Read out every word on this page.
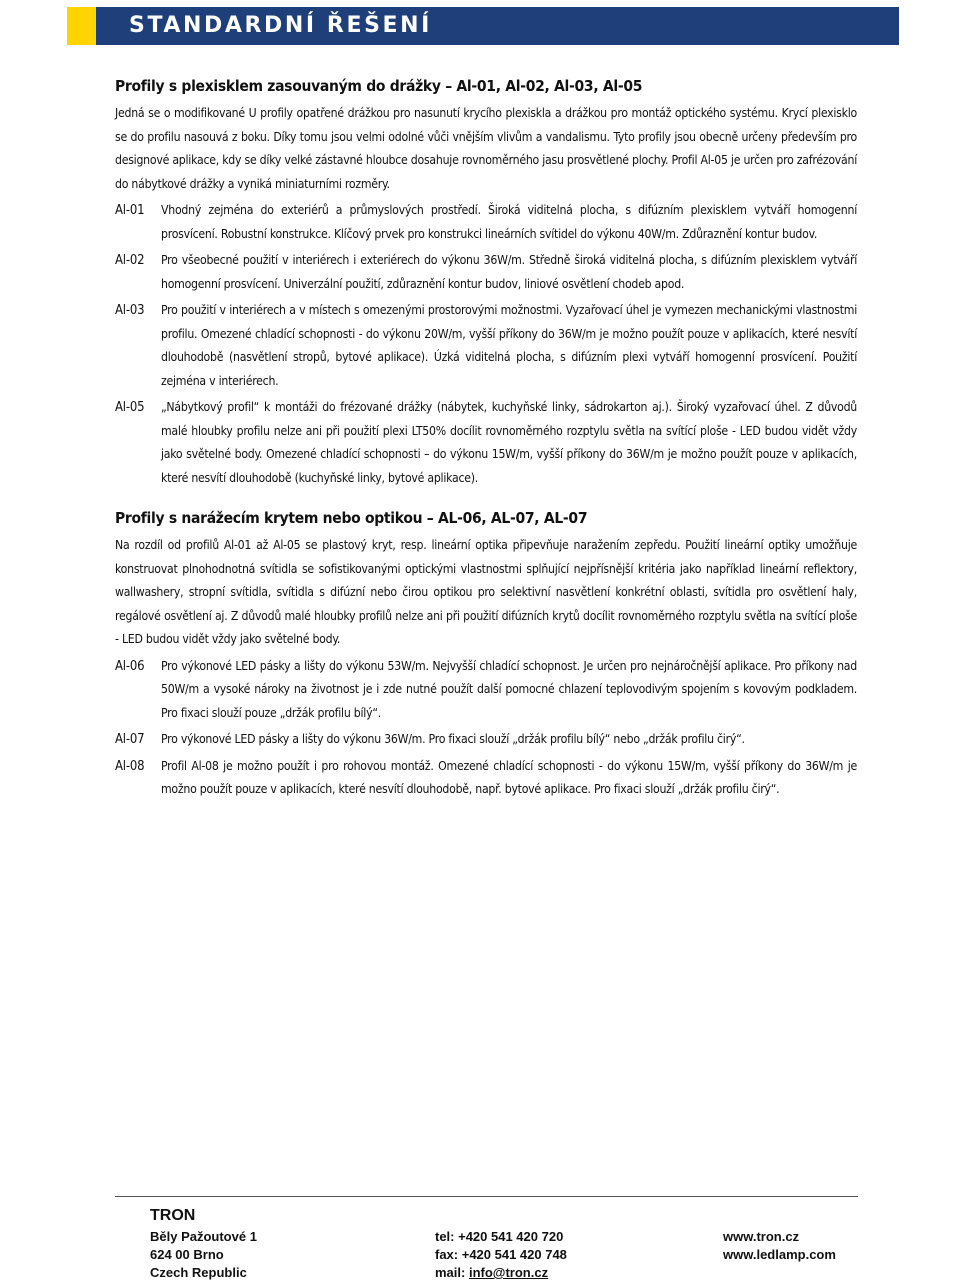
STANDARDNÍ ŘEŠENÍ
Profily s plexisklem zasouvaným do drážky – Al-01, Al-02, Al-03, Al-05

Jedná se o modifikované U profily opatřené drážkou pro nasunutí krycího plexiskla a drážkou pro montáž optického systému. Krycí plexisklo se do profilu nasouvá z boku. Díky tomu jsou velmi odolné vůči vnějším vlivům a vandalismu. Tyto profily jsou obecně určeny především pro designové aplikace, kdy se díky velké zástavné hloubce dosahuje rovnoměrného jasu prosvětlené plochy. Profil Al-05 je určen pro zafrézování do nábytkové drážky a vyniká miniaturními rozměry.

Al-01	Vhodný zejména do exteriérů a průmyslových prostředí. Široká viditelná plocha, s difúzním plexisklem vytváří homogenní prosvícení. Robustní konstrukce. Klíčový prvek pro konstrukci lineárních svítidel do výkonu 40W/m. Zdůraznění kontur budov.
Al-02	Pro všeobecné použití v interiérech i exteriérech do výkonu 36W/m. Středně široká viditelná plocha, s difúzním plexisklem vytváří homogenní prosvícení. Univerzální použití, zdůraznění kontur budov, liniové osvětlení chodeb apod.
Al-03	Pro použití v interiérech a v místech s omezenými prostorovými možnostmi. Vyzařovací úhel je vymezen mechanickými vlastnostmi profilu. Omezené chladící schopnosti - do výkonu 20W/m, vyšší příkony do 36W/m je možno použít pouze v aplikacích, které nesvítí dlouhodobě (nasvětlení stropů, bytové aplikace). Úzká viditelná plocha, s difúzním plexi vytváří homogenní prosvícení. Použití zejména v interiérech.
Al-05	„Nábytkový profil“ k montáži do frézované drážky (nábytek, kuchyňské linky, sádrokarton aj.). Široký vyzařovací úhel. Z důvodů malé hloubky profilu nelze ani při použití plexi LT50% docílit rovnoměrného rozptylu světla na svítící ploše - LED budou vidět vždy jako světelné body. Omezené chladící schopnosti – do výkonu 15W/m, vyšší příkony do 36W/m je možno použít pouze v aplikacích, které nesvítí dlouhodobě (kuchyňské linky, bytové aplikace).
Profily s narážecím krytem nebo optikou – AL-06, AL-07, AL-07

Na rozdíl od profilů Al-01 až Al-05 se plastový kryt, resp. lineární optika připevňuje naražením zepředu. Použití lineární optiky umožňuje konstruovat plnohodnotná svítidla se sofistikovanými optickými vlastnostmi splňující nejpřísnější kritéria jako například lineární reflektory, wallwashery, stropní svítidla, svítidla s difúzní nebo čirou optikou pro selektivní nasvětlení konkrétní oblasti, svítidla pro osvětlení haly, regálové osvětlení aj. Z důvodů malé hloubky profilů nelze ani při použití difúzních krytů docílit rovnoměrného rozptylu světla na svítící ploše - LED budou vidět vždy jako světelné body.

Al-06	Pro výkonové LED pásky a lišty do výkonu 53W/m. Nejvyšší chladící schopnost. Je určen pro nejnáročnější aplikace. Pro příkony nad 50W/m a vysoké nároky na životnost je i zde nutné použít další pomocné chlazení teplovodivým spojením s kovovým podkladem. Pro fixaci slouží pouze „držák profilu bílý“.
Al-07	Pro výkonové LED pásky a lišty do výkonu 36W/m. Pro fixaci slouží „držák profilu bílý“ nebo „držák profilu čirý“.
Al-08	Profil Al-08 je možno použít i pro rohovou montáž. Omezené chladící schopnosti - do výkonu 15W/m, vyšší příkony do 36W/m je možno použít pouze v aplikacích, které nesvítí dlouhodobě, např. bytové aplikace. Pro fixaci slouží „držák profilu čirý“.
TRON
Běly Pažoutové 1
624 00 Brno
Czech Republic
tel: +420 541 420 720
fax: +420 541 420 748
mail: info@tron.cz
www.tron.cz
www.ledlamp.com
